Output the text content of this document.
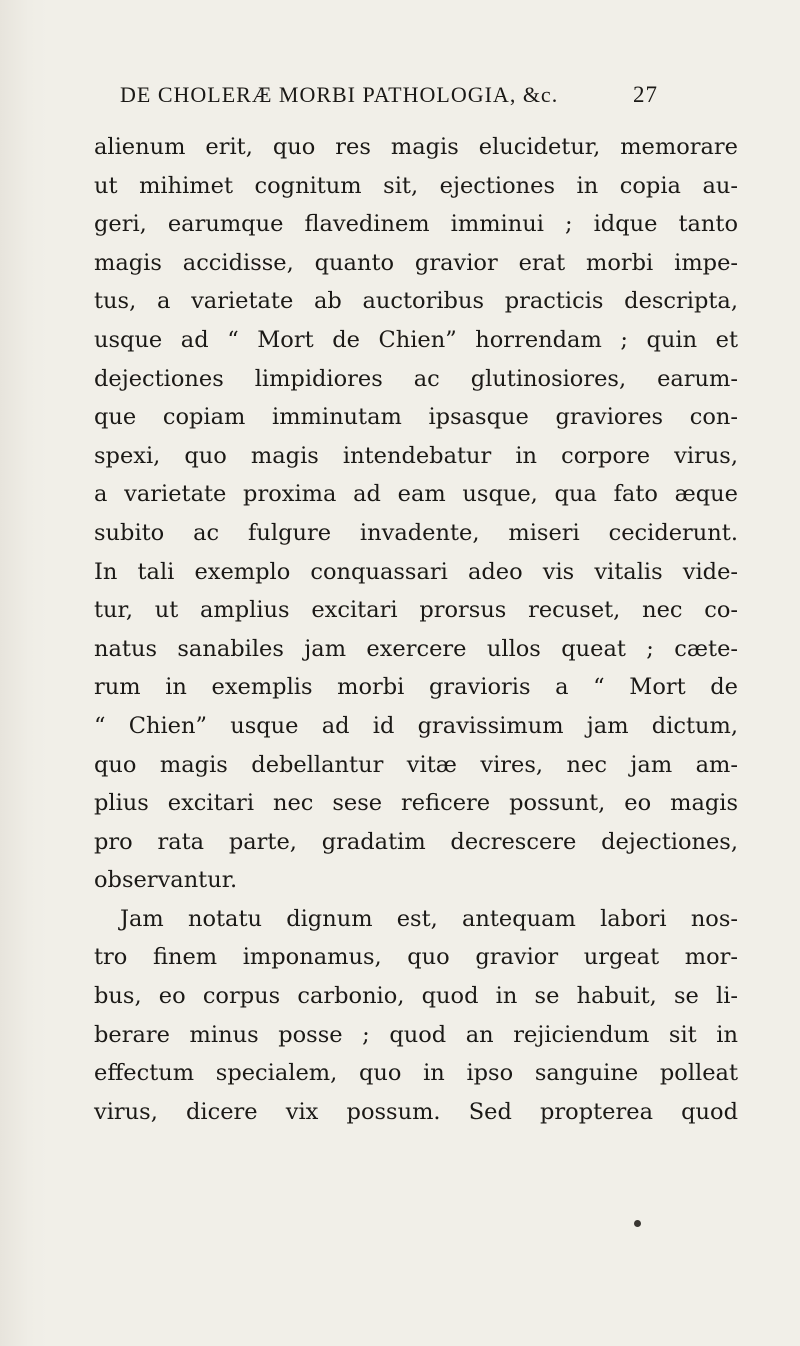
DE CHOLERÆ MORBI PATHOLOGIA, &c.	27
alienum erit, quo res magis elucidetur, memorare
ut mihimet cognitum sit, ejectiones in copia au-
geri, earumque flavedinem imminui ; idque tanto
magis accidisse, quanto gravior erat morbi impe-
tus, a varietate ab auctoribus practicis descripta,
usque ad “ Mort de Chien” horrendam ; quin et
dejectiones limpidiores ac glutinosiores, earum-
que copiam imminutam ipsasque graviores con-
spexi, quo magis intendebatur in corpore virus,
a varietate proxima ad eam usque, qua fato æque
subito ac fulgure invadente, miseri ceciderunt.
In tali exemplo conquassari adeo vis vitalis vide-
tur, ut amplius excitari prorsus recuset, nec co-
natus sanabiles jam exercere ullos queat ; cæte-
rum in exemplis morbi gravioris a “ Mort de
“ Chien” usque ad id gravissimum jam dictum,
quo magis debellantur vitæ vires, nec jam am-
plius excitari nec sese reficere possunt, eo magis
pro rata parte, gradatim decrescere dejectiones,
observantur.
Jam notatu dignum est, antequam labori nos-
tro finem imponamus, quo gravior urgeat mor-
bus, eo corpus carbonio, quod in se habuit, se li-
berare minus posse ; quod an rejiciendum sit in
effectum specialem, quo in ipso sanguine polleat
virus, dicere vix possum. Sed propterea quod
